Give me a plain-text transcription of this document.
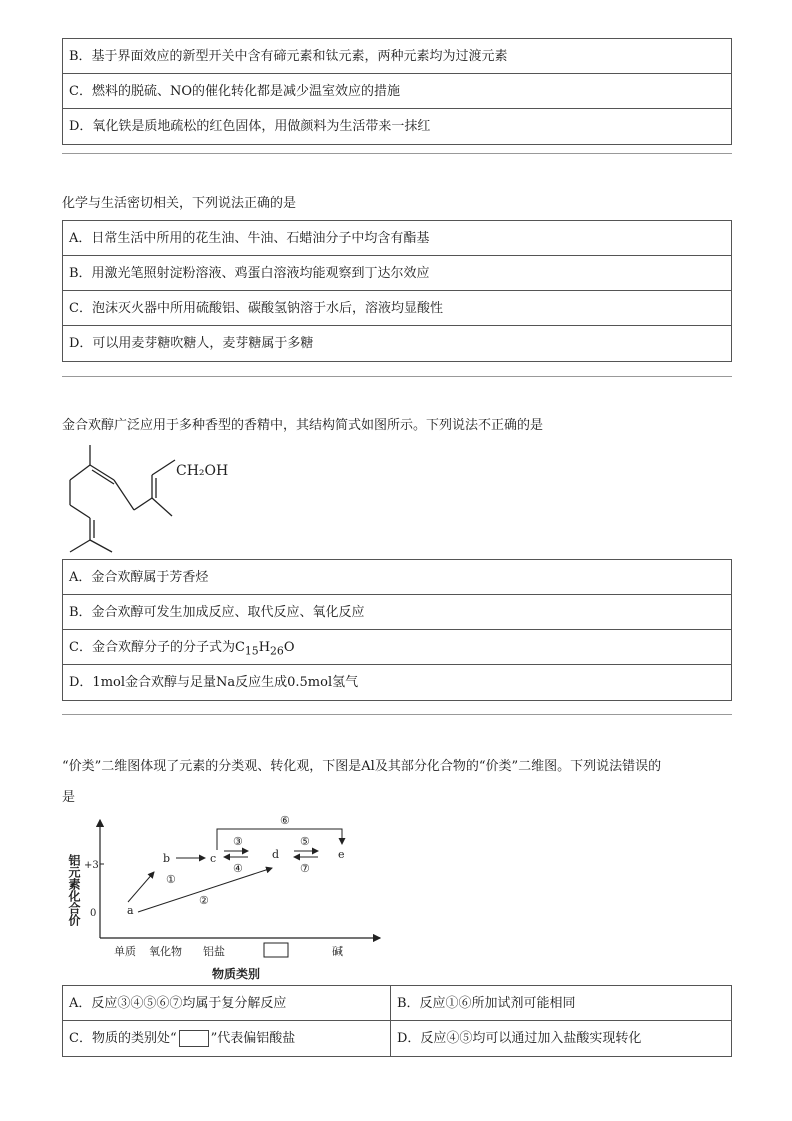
B．基于界面效应的新型开关中含有碲元素和钛元素，两种元素均为过渡元素
C．燃料的脱硫、NO的催化转化都是减少温室效应的措施
D．氧化铁是质地疏松的红色固体，用做颜料为生活带来一抹红
化学与生活密切相关，下列说法正确的是
A．日常生活中所用的花生油、牛油、石蜡油分子中均含有酯基
B．用激光笔照射淀粉溶液、鸡蛋白溶液均能观察到丁达尔效应
C．泡沫灭火器中所用硫酸铝、碳酸氢钠溶于水后，溶液均显酸性
D．可以用麦芽糖吹糖人，麦芽糖属于多糖
金合欢醇广泛应用于多种香型的香精中，其结构简式如图所示。下列说法不正确的是
CH₂OH
A．金合欢醇属于芳香烃
B．金合欢醇可发生加成反应、取代反应、氧化反应
C．金合欢醇分子的分子式为$C_{15}H_{26}O$
D．1mol金合欢醇与足量Na反应生成0.5mol氢气
“价类”二维图体现了元素的分类观、转化观，下图是Al及其部分化合物的“价类”二维图。下列说法错误的
是
铝元素化合价 +3
0
单质 氧化物 铝盐	碱
物质类别
a
b	c	d	e
①
②
③
④
⑤
⑥
⑦
A．反应③④⑤⑥⑦均属于复分解反应	B．反应①⑥所加试剂可能相同
C．物质的类别处“	”代表偏铝酸盐	D．反应④⑤均可以通过加入盐酸实现转化
